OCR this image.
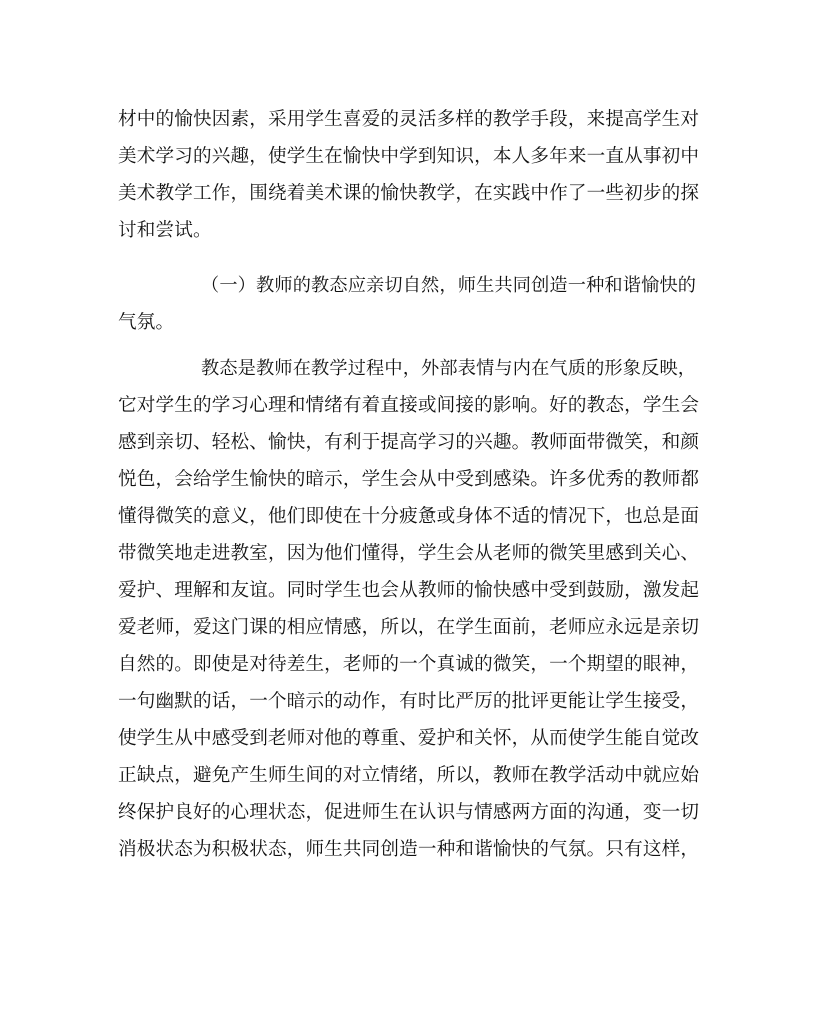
材中的愉快因素，采用学生喜爱的灵活多样的教学手段，来提高学生对
美术学习的兴趣，使学生在愉快中学到知识，本人多年来一直从事初中
美术教学工作，围绕着美术课的愉快教学，在实践中作了一些初步的探
讨和尝试。
（一）教师的教态应亲切自然，师生共同创造一种和谐愉快的
气氛。
教态是教师在教学过程中，外部表情与内在气质的形象反映，
它对学生的学习心理和情绪有着直接或间接的影响。好的教态，学生会
感到亲切、轻松、愉快，有利于提高学习的兴趣。教师面带微笑，和颜
悦色，会给学生愉快的暗示，学生会从中受到感染。许多优秀的教师都
懂得微笑的意义，他们即使在十分疲惫或身体不适的情况下，也总是面
带微笑地走进教室，因为他们懂得，学生会从老师的微笑里感到关心、
爱护、理解和友谊。同时学生也会从教师的愉快感中受到鼓励，激发起
爱老师，爱这门课的相应情感，所以，在学生面前，老师应永远是亲切
自然的。即使是对待差生，老师的一个真诚的微笑，一个期望的眼神，
一句幽默的话，一个暗示的动作，有时比严厉的批评更能让学生接受，
使学生从中感受到老师对他的尊重、爱护和关怀，从而使学生能自觉改
正缺点，避免产生师生间的对立情绪，所以，教师在教学活动中就应始
终保护良好的心理状态，促进师生在认识与情感两方面的沟通，变一切
消极状态为积极状态，师生共同创造一种和谐愉快的气氛。只有这样，
